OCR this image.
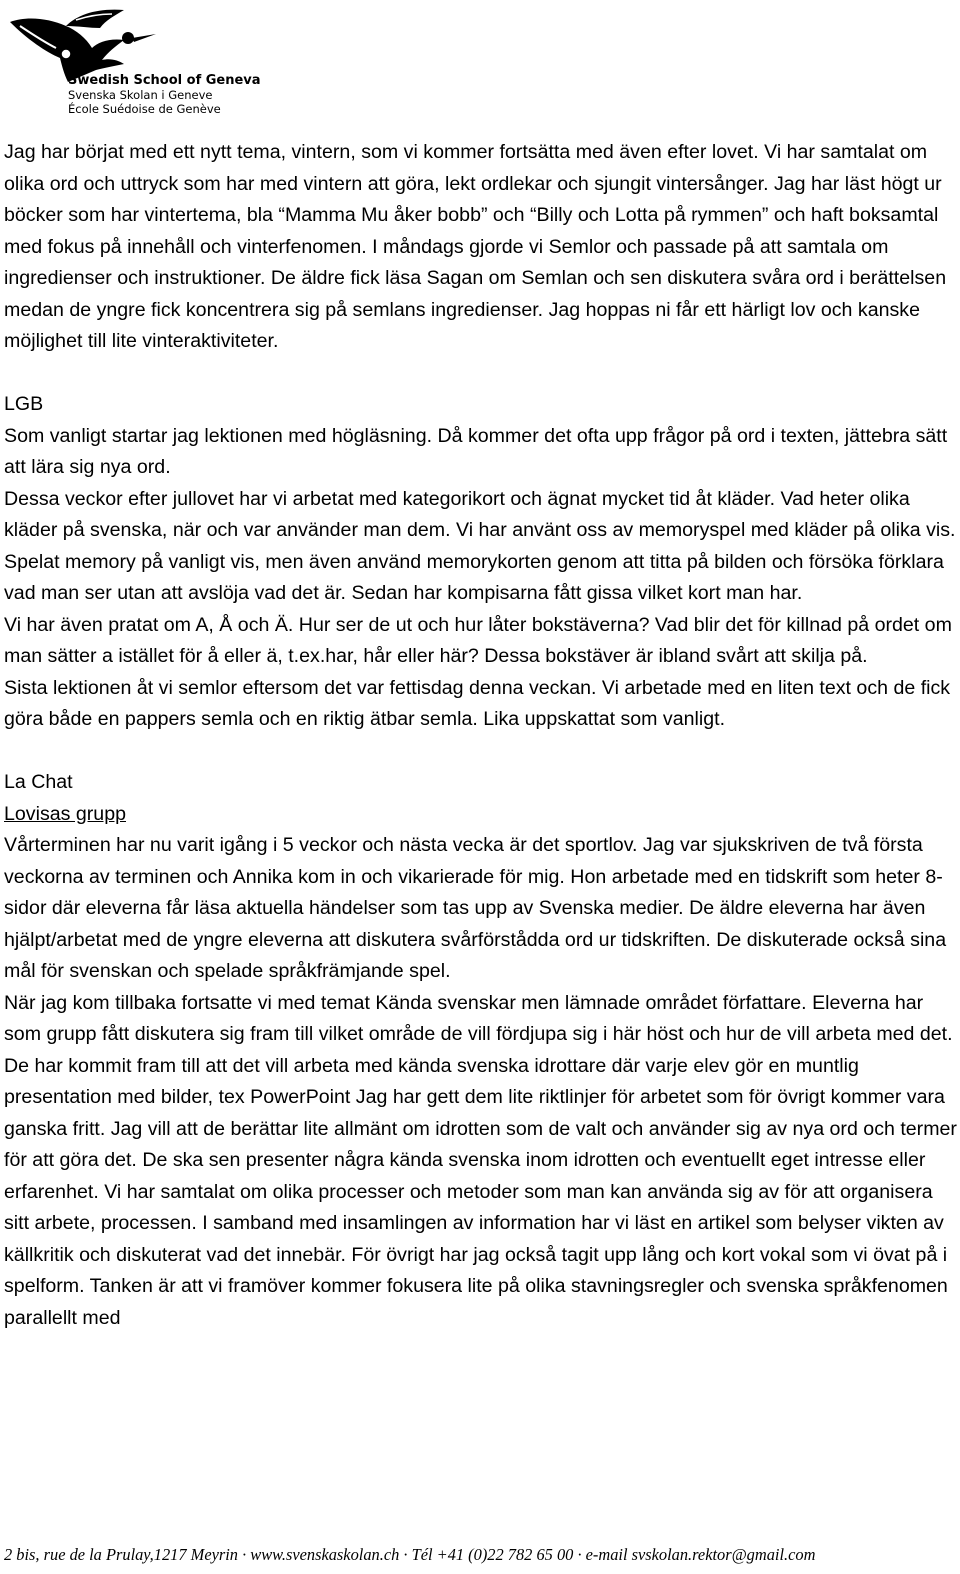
Swedish School of Geneva
Svenska Skolan i Geneve
École Suédoise de Genève

Jag har börjat med ett nytt tema, vintern, som vi kommer fortsätta med även efter lovet. Vi har samtalat om olika ord och uttryck som har med vintern att göra, lekt ordlekar och sjungit vintersånger. Jag har läst högt ur böcker som har vintertema, bla “Mamma Mu åker bobb” och “Billy och Lotta på rymmen” och haft boksamtal med fokus på innehåll och vinterfenomen. I måndags gjorde vi Semlor och passade på att samtala om ingredienser och instruktioner. De äldre fick läsa Sagan om Semlan och sen diskutera svåra ord i berättelsen medan de yngre fick koncentrera sig på semlans ingredienser. Jag hoppas ni får ett härligt lov och kanske möjlighet till lite vinteraktiviteter.

LGB

Som vanligt startar jag lektionen med högläsning. Då kommer det ofta upp frågor på ord i texten, jättebra sätt att lära sig nya ord.

Dessa veckor efter jullovet har vi arbetat med kategorikort och ägnat mycket tid åt kläder. Vad heter olika kläder på svenska, när och var använder man dem. Vi har använt oss av memoryspel med kläder på olika vis. Spelat memory på vanligt vis, men även använd memorykorten genom att titta på bilden och försöka förklara vad man ser utan att avslöja vad det är. Sedan har kompisarna fått gissa vilket kort man har.

Vi har även pratat om A, Å och Ä. Hur ser de ut och hur låter bokstäverna? Vad blir det för killnad på ordet om man sätter a istället för å eller ä, t.ex.har, hår eller här? Dessa bokstäver är ibland svårt att skilja på.

Sista lektionen åt vi semlor eftersom det var fettisdag denna veckan. Vi arbetade med en liten text och de fick göra både en pappers semla och en riktig ätbar semla. Lika uppskattat som vanligt.

La Chat

Lovisas grupp

Vårterminen har nu varit igång i 5 veckor och nästa vecka är det sportlov. Jag var sjukskriven de två första veckorna av terminen och Annika kom in och vikarierade för mig. Hon arbetade med en tidskrift som heter 8-sidor där eleverna får läsa aktuella händelser som tas upp av Svenska medier. De äldre eleverna har även hjälpt/arbetat med de yngre eleverna att diskutera svårförstådda ord ur tidskriften. De diskuterade också sina mål för svenskan och spelade språkfrämjande spel.

När jag kom tillbaka fortsatte vi med temat Kända svenskar men lämnade området författare. Eleverna har som grupp fått diskutera sig fram till vilket område de vill fördjupa sig i här höst och hur de vill arbeta med det. De har kommit fram till att det vill arbeta med kända svenska idrottare där varje elev gör en muntlig presentation med bilder, tex PowerPoint Jag har gett dem lite riktlinjer för arbetet som för övrigt kommer vara ganska fritt. Jag vill att de berättar lite allmänt om idrotten som de valt och använder sig av nya ord och termer för att göra det. De ska sen presenter några kända svenska inom idrotten och eventuellt eget intresse eller erfarenhet. Vi har samtalat om olika processer och metoder som man kan använda sig av för att organisera sitt arbete, processen. I samband med insamlingen av information har vi läst en artikel som belyser vikten av källkritik och diskuterat vad det innebär. För övrigt har jag också tagit upp lång och kort vokal som vi övat på i spelform. Tanken är att vi framöver kommer fokusera lite på olika stavningsregler och svenska språkfenomen parallellt med

2 bis, rue de la Prulay,1217 Meyrin · www.svenskaskolan.ch · Tél +41 (0)22 782 65 00 · e-mail svskolan.rektor@gmail.com
